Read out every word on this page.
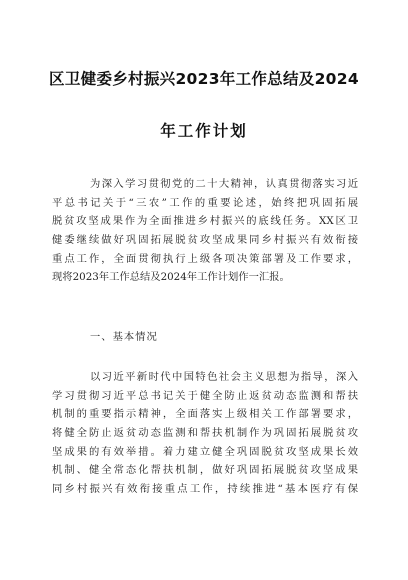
区卫健委乡村振兴2023年工作总结及2024
年工作计划
为深入学习贯彻党的二十大精神，认真贯彻落实习近
平总书记关于“三农”工作的重要论述，始终把巩固拓展
脱贫攻坚成果作为全面推进乡村振兴的底线任务。XX区卫
健委继续做好巩固拓展脱贫攻坚成果同乡村振兴有效衔接
重点工作，全面贯彻执行上级各项决策部署及工作要求，
现将2023年工作总结及2024年工作计划作一汇报。
一、基本情况
以习近平新时代中国特色社会主义思想为指导，深入
学习贯彻习近平总书记关于健全防止返贫动态监测和帮扶
机制的重要指示精神，全面落实上级相关工作部署要求，
将健全防止返贫动态监测和帮扶机制作为巩固拓展脱贫攻
坚成果的有效举措。着力建立健全巩固脱贫攻坚成果长效
机制、健全常态化帮扶机制，做好巩固拓展脱贫攻坚成果
同乡村振兴有效衔接重点工作，持续推进“基本医疗有保
